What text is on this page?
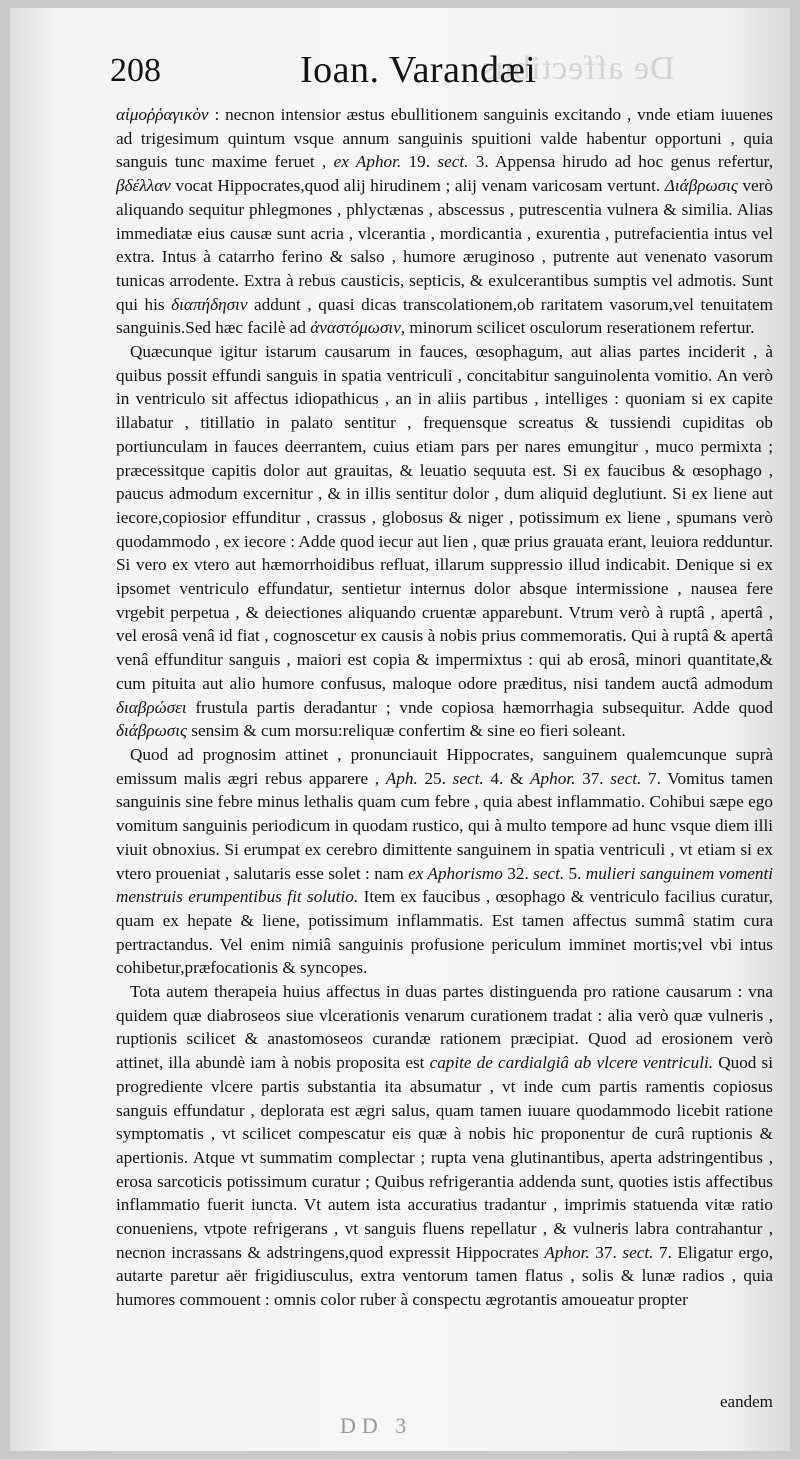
De affectibus
208	Ioan. Varandæi

αἱμοῤῥαγικὸν : necnon intensior æstus ebullitionem sanguinis excitando , vnde etiam iuuenes ad trigesimum quintum vsque annum sanguinis spuitioni valde habentur opportuni , quia sanguis tunc maxime feruet , ex Aphor. 19. sect. 3. Appensa hirudo ad hoc genus refertur, βδέλλαν vocat Hippocrates,quod alij hirudinem ; alij venam varicosam vertunt. Διάβρωσις verò aliquando sequitur phlegmones , phlyctænas , abscessus , putrescentia vulnera & similia. Alias immediatæ eius causæ sunt acria , vlcerantia , mordicantia , exurentia , putrefacientia intus vel extra. Intus à catarrho ferino & salso , humore æruginoso , putrente aut venenato vasorum tunicas arrodente. Extra à rebus causticis, septicis, & exulcerantibus sumptis vel admotis. Sunt qui his διαπήδησιν addunt , quasi dicas transcolationem,ob raritatem vasorum,vel tenuitatem sanguinis.Sed hæc facilè ad ἀναστόμωσιν, minorum scilicet osculorum reserationem refertur.

Quæcunque igitur istarum causarum in fauces, œsophagum, aut alias partes inciderit , à quibus possit effundi sanguis in spatia ventriculi , concitabitur sanguinolenta vomitio. An verò in ventriculo sit affectus idiopathicus , an in aliis partibus , intelliges : quoniam si ex capite illabatur , titillatio in palato sentitur , frequensque screatus & tussiendi cupiditas ob portiunculam in fauces deerrantem, cuius etiam pars per nares emungitur , muco permixta ; præcessitque capitis dolor aut grauitas, & leuatio sequuta est. Si ex faucibus & œsophago , paucus admodum excernitur , & in illis sentitur dolor , dum aliquid deglutiunt. Si ex liene aut iecore,copiosior effunditur , crassus , globosus & niger , potissimum ex liene , spumans verò quodammodo , ex iecore : Adde quod iecur aut lien , quæ prius grauata erant, leuiora redduntur. Si vero ex vtero aut hæmorrhoidibus refluat, illarum suppressio illud indicabit. Denique si ex ipsomet ventriculo effundatur, sentietur internus dolor absque intermissione , nausea fere vrgebit perpetua , & deiectiones aliquando cruentæ apparebunt. Vtrum verò à ruptâ , apertâ , vel erosâ venâ id fiat , cognoscetur ex causis à nobis prius commemoratis. Qui à ruptâ & apertâ venâ effunditur sanguis , maiori est copia & impermixtus : qui ab erosâ, minori quantitate,& cum pituita aut alio humore confusus, maloque odore præditus, nisi tandem auctâ admodum διαβρώσει frustula partis deradantur ; vnde copiosa hæmorrhagia subsequitur. Adde quod διάβρωσις sensim & cum morsu:reliquæ confertim & sine eo fieri soleant.

Quod ad prognosim attinet , pronunciauit Hippocrates, sanguinem qualemcunque suprà emissum malis ægri rebus apparere , Aph. 25. sect. 4. & Aphor. 37. sect. 7. Vomitus tamen sanguinis sine febre minus lethalis quam cum febre , quia abest inflammatio. Cohibui sæpe ego vomitum sanguinis periodicum in quodam rustico, qui à multo tempore ad hunc vsque diem illi viuit obnoxius. Si erumpat ex cerebro dimittente sanguinem in spatia ventriculi , vt etiam si ex vtero proueniat , salutaris esse solet : nam ex Aphorismo 32. sect. 5. mulieri sanguinem vomenti menstruis erumpentibus fit solutio. Item ex faucibus , œsophago & ventriculo facilius curatur, quam ex hepate & liene, potissimum inflammatis. Est tamen affectus summâ statim cura pertractandus. Vel enim nimiâ sanguinis profusione periculum imminet mortis;vel vbi intus cohibetur,præfocationis & syncopes.

Tota autem therapeia huius affectus in duas partes distinguenda pro ratione causarum : vna quidem quæ diabroseos siue vlcerationis venarum curationem tradat : alia verò quæ vulneris , ruptionis scilicet & anastomoseos curandæ rationem præcipiat. Quod ad erosionem verò attinet, illa abundè iam à nobis proposita est capite de cardialgiâ ab vlcere ventriculi. Quod si progrediente vlcere partis substantia ita absumatur , vt inde cum partis ramentis copiosus sanguis effundatur , deplorata est ægri salus, quam tamen iuuare quodammodo licebit ratione symptomatis , vt scilicet compescatur eis quæ à nobis hic proponentur de curâ ruptionis & apertionis. Atque vt summatim complectar ; rupta vena glutinantibus, aperta adstringentibus , erosa sarcoticis potissimum curatur ; Quibus refrigerantia addenda sunt, quoties istis affectibus inflammatio fuerit iuncta. Vt autem ista accuratius tradantur , imprimis statuenda vitæ ratio conueniens, vtpote refrigerans , vt sanguis fluens repellatur , & vulneris labra contrahantur , necnon incrassans & adstringens,quod expressit Hippocrates Aphor. 37. sect. 7. Eligatur ergo, autarte paretur aër frigidiusculus, extra ventorum tamen flatus , solis & lunæ radios , quia humores commouent : omnis color ruber à conspectu ægrotantis amoueatur propter

eandem
DD 3
